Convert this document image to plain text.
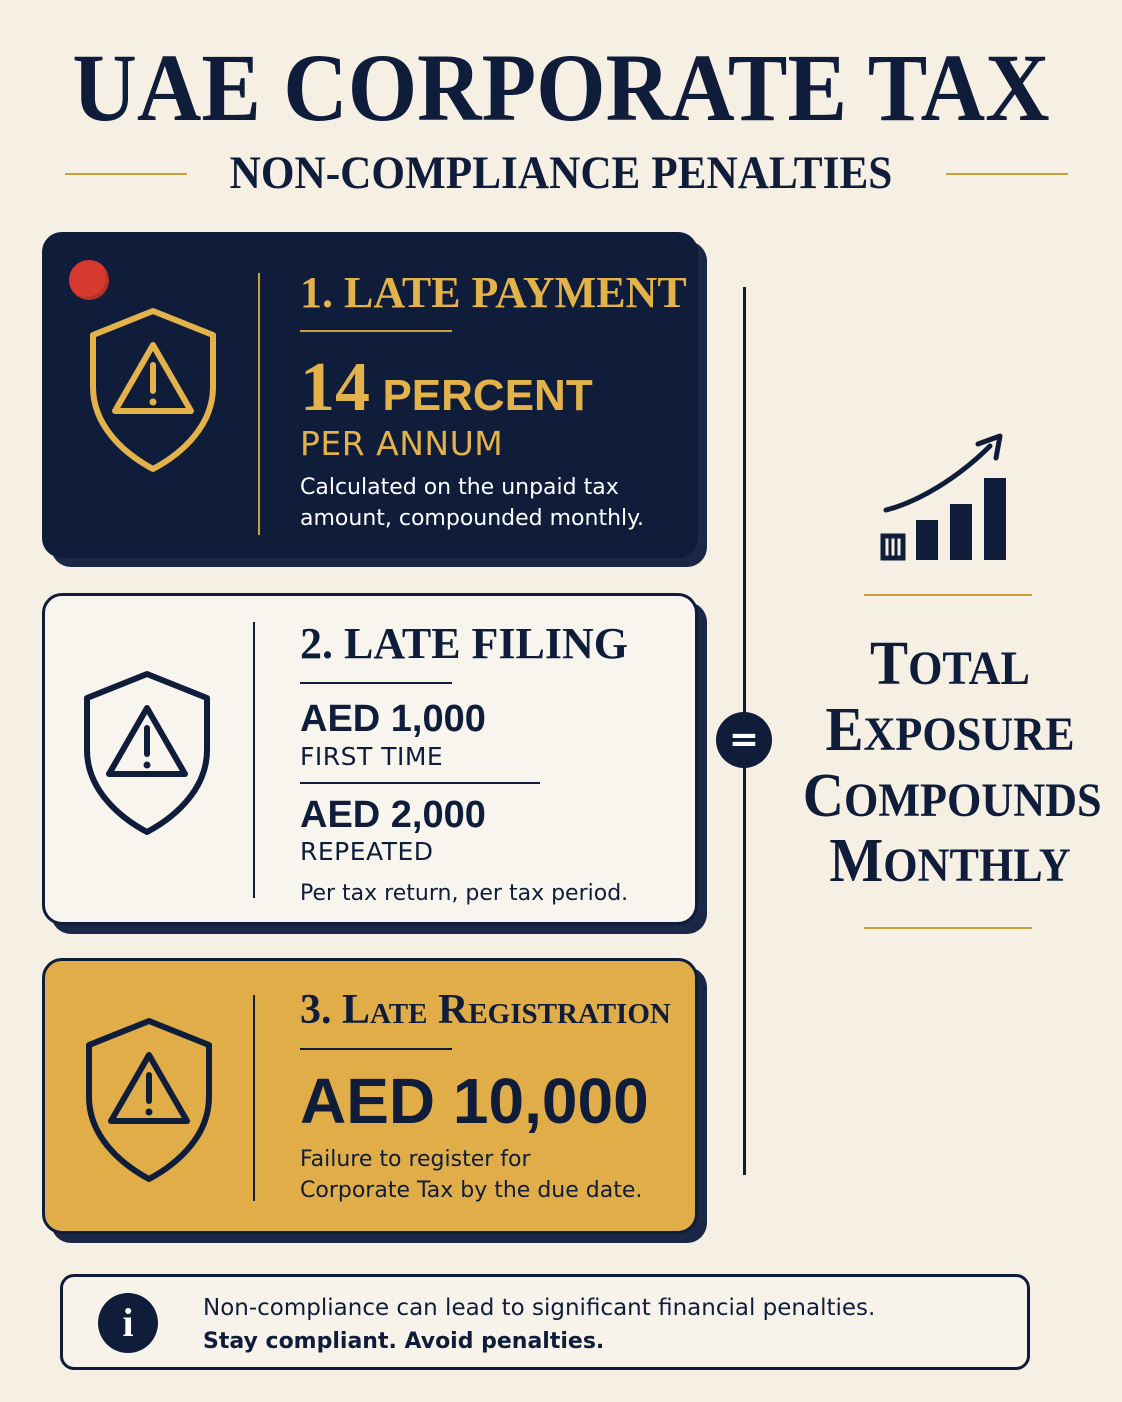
UAE CORPORATE TAX
NON-COMPLIANCE PENALTIES
1. LATE PAYMENT
14 PERCENT
PER ANNUM
Calculated on the unpaid tax amount, compounded monthly.
2. LATE FILING
AED 1,000
FIRST TIME
AED 2,000
REPEATED
Per tax return, per tax period.
3. Late Registration
AED 10,000
Failure to register for Corporate Tax by the due date.
=
TOTAL
EXPOSURE
COMPOUNDS
MONTHLY
i	Non-compliance can lead to significant financial penalties.
Stay compliant. Avoid penalties.
